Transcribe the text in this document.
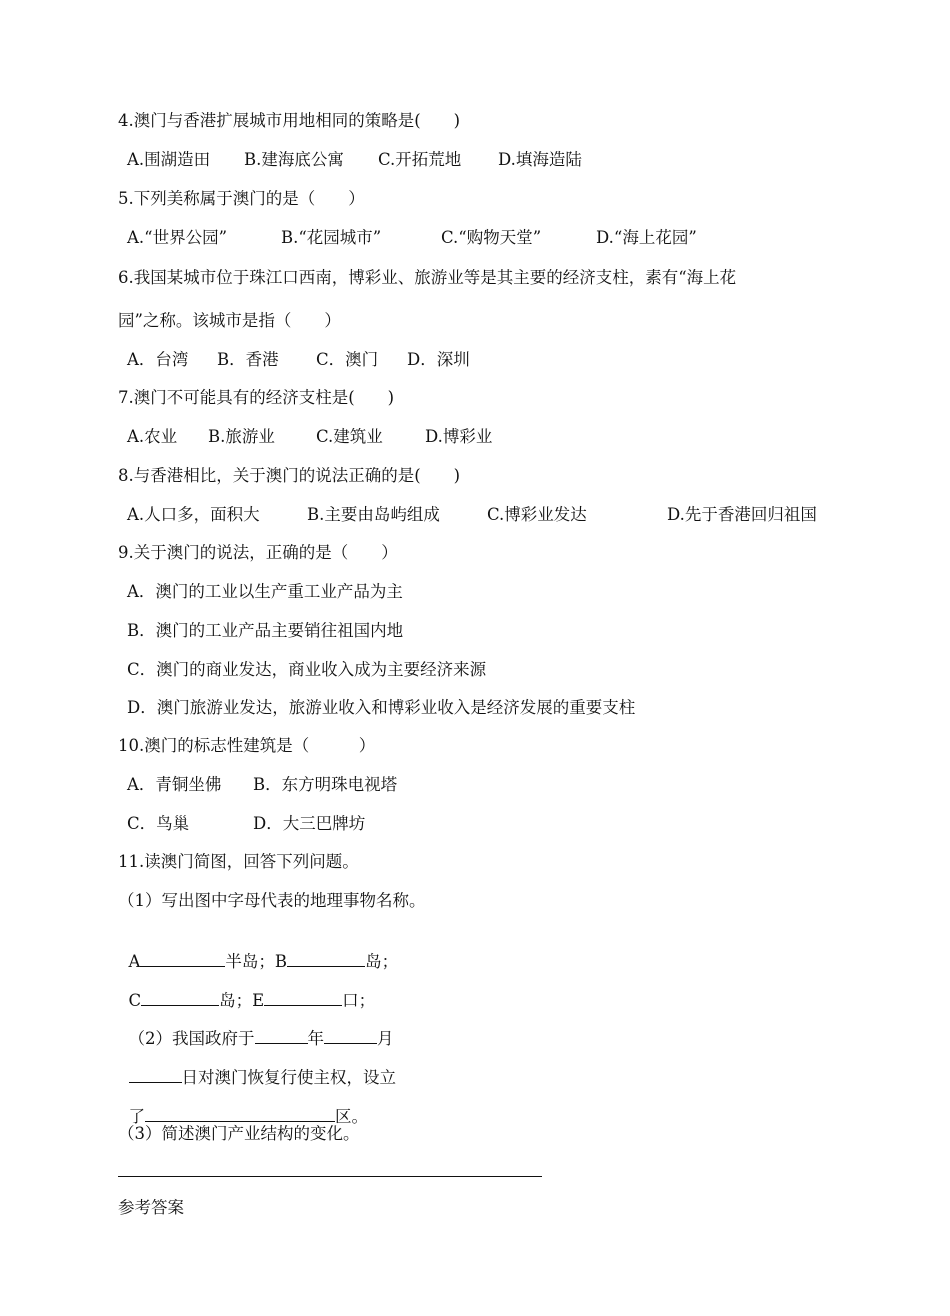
4.澳门与香港扩展城市用地相同的策略是(　　)
A.围湖造田 B.建海底公寓 C.开拓荒地 D.填海造陆
5.下列美称属于澳门的是（　　）
A.“世界公园”	B.“花园城市”	C.“购物天堂”	D.“海上花园”
6.我国某城市位于珠江口西南，博彩业、旅游业等是其主要的经济支柱，素有“海上花
园”之称。该城市是指（　　）
A．台湾 B．香港 C．澳门 D．深圳
7.澳门不可能具有的经济支柱是(　　)
A.农业 B.旅游业 C.建筑业	D.博彩业
8.与香港相比，关于澳门的说法正确的是(　　)
A.人口多，面积大	B.主要由岛屿组成	C.博彩业发达	D.先于香港回归祖国
9.关于澳门的说法，正确的是（　　）
A．澳门的工业以生产重工业产品为主
B．澳门的工业产品主要销往祖国内地
C．澳门的商业发达，商业收入成为主要经济来源
D．澳门旅游业发达，旅游业收入和博彩业收入是经济发展的重要支柱
10.澳门的标志性建筑是（　　　）
A．青铜坐佛 B．东方明珠电视塔
C．鸟巢	D．大三巴牌坊
11.读澳门简图，回答下列问题。
（1）写出图中字母代表的地理事物名称。

A	半岛；B	岛；

C	岛；E	口；

（2）我国政府于	年	月

日对澳门恢复行使主权，设立

了	区。

（3）简述澳门产业结构的变化。
参考答案
